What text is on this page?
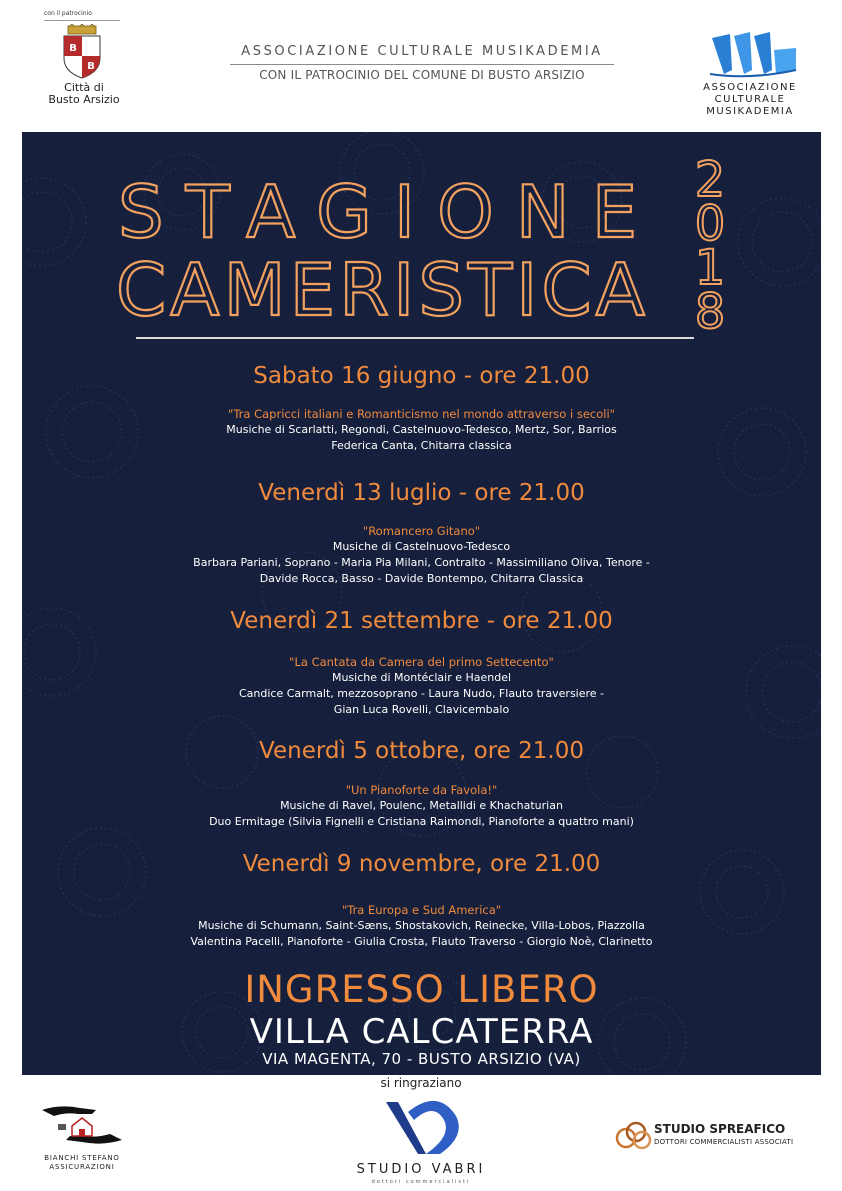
con il patrocinio
B
B
Città di
Busto Arsizio
ASSOCIAZIONE CULTURALE MUSIKADEMIA
CON IL PATROCINIO DEL COMUNE DI BUSTO ARSIZIO
ASSOCIAZIONE
CULTURALE
MUSIKADEMIA
STAGIONE
CAMERISTICA
2
0
1
8
Sabato 16 giugno - ore 21.00
"Tra Capricci italiani e Romanticismo nel mondo attraverso i secoli"
Musiche di Scarlatti, Regondi, Castelnuovo-Tedesco, Mertz, Sor, Barrios
Federica Canta, Chitarra classica
Venerdì 13 luglio - ore 21.00
"Romancero Gitano"
Musiche di Castelnuovo-Tedesco
Barbara Pariani, Soprano - Maria Pia Milani, Contralto - Massimiliano Oliva, Tenore -
Davide Rocca, Basso - Davide Bontempo, Chitarra Classica
Venerdì 21 settembre - ore 21.00
"La Cantata da Camera del primo Settecento"
Musiche di Montéclair e Haendel
Candice Carmalt, mezzosoprano - Laura Nudo, Flauto traversiere -
Gian Luca Rovelli, Clavicembalo
Venerdì 5 ottobre, ore 21.00
"Un Pianoforte da Favola!"
Musiche di Ravel, Poulenc, Metallidi e Khachaturian
Duo Ermitage (Silvia Fignelli e Cristiana Raimondi, Pianoforte a quattro mani)
Venerdì 9 novembre, ore 21.00
"Tra Europa e Sud America"
Musiche di Schumann, Saint-Sæns, Shostakovich, Reinecke, Villa-Lobos, Piazzolla
Valentina Pacelli, Pianoforte - Giulia Crosta, Flauto Traverso - Giorgio Noè, Clarinetto
INGRESSO LIBERO
VILLA CALCATERRA
VIA MAGENTA, 70 - BUSTO ARSIZIO (VA)
si ringraziano
BIANCHI STEFANO
ASSICURAZIONI	STUDIO VABRI
dottori commercialisti
STUDIO SPREAFICO
DOTTORI COMMERCIALISTI ASSOCIATI
